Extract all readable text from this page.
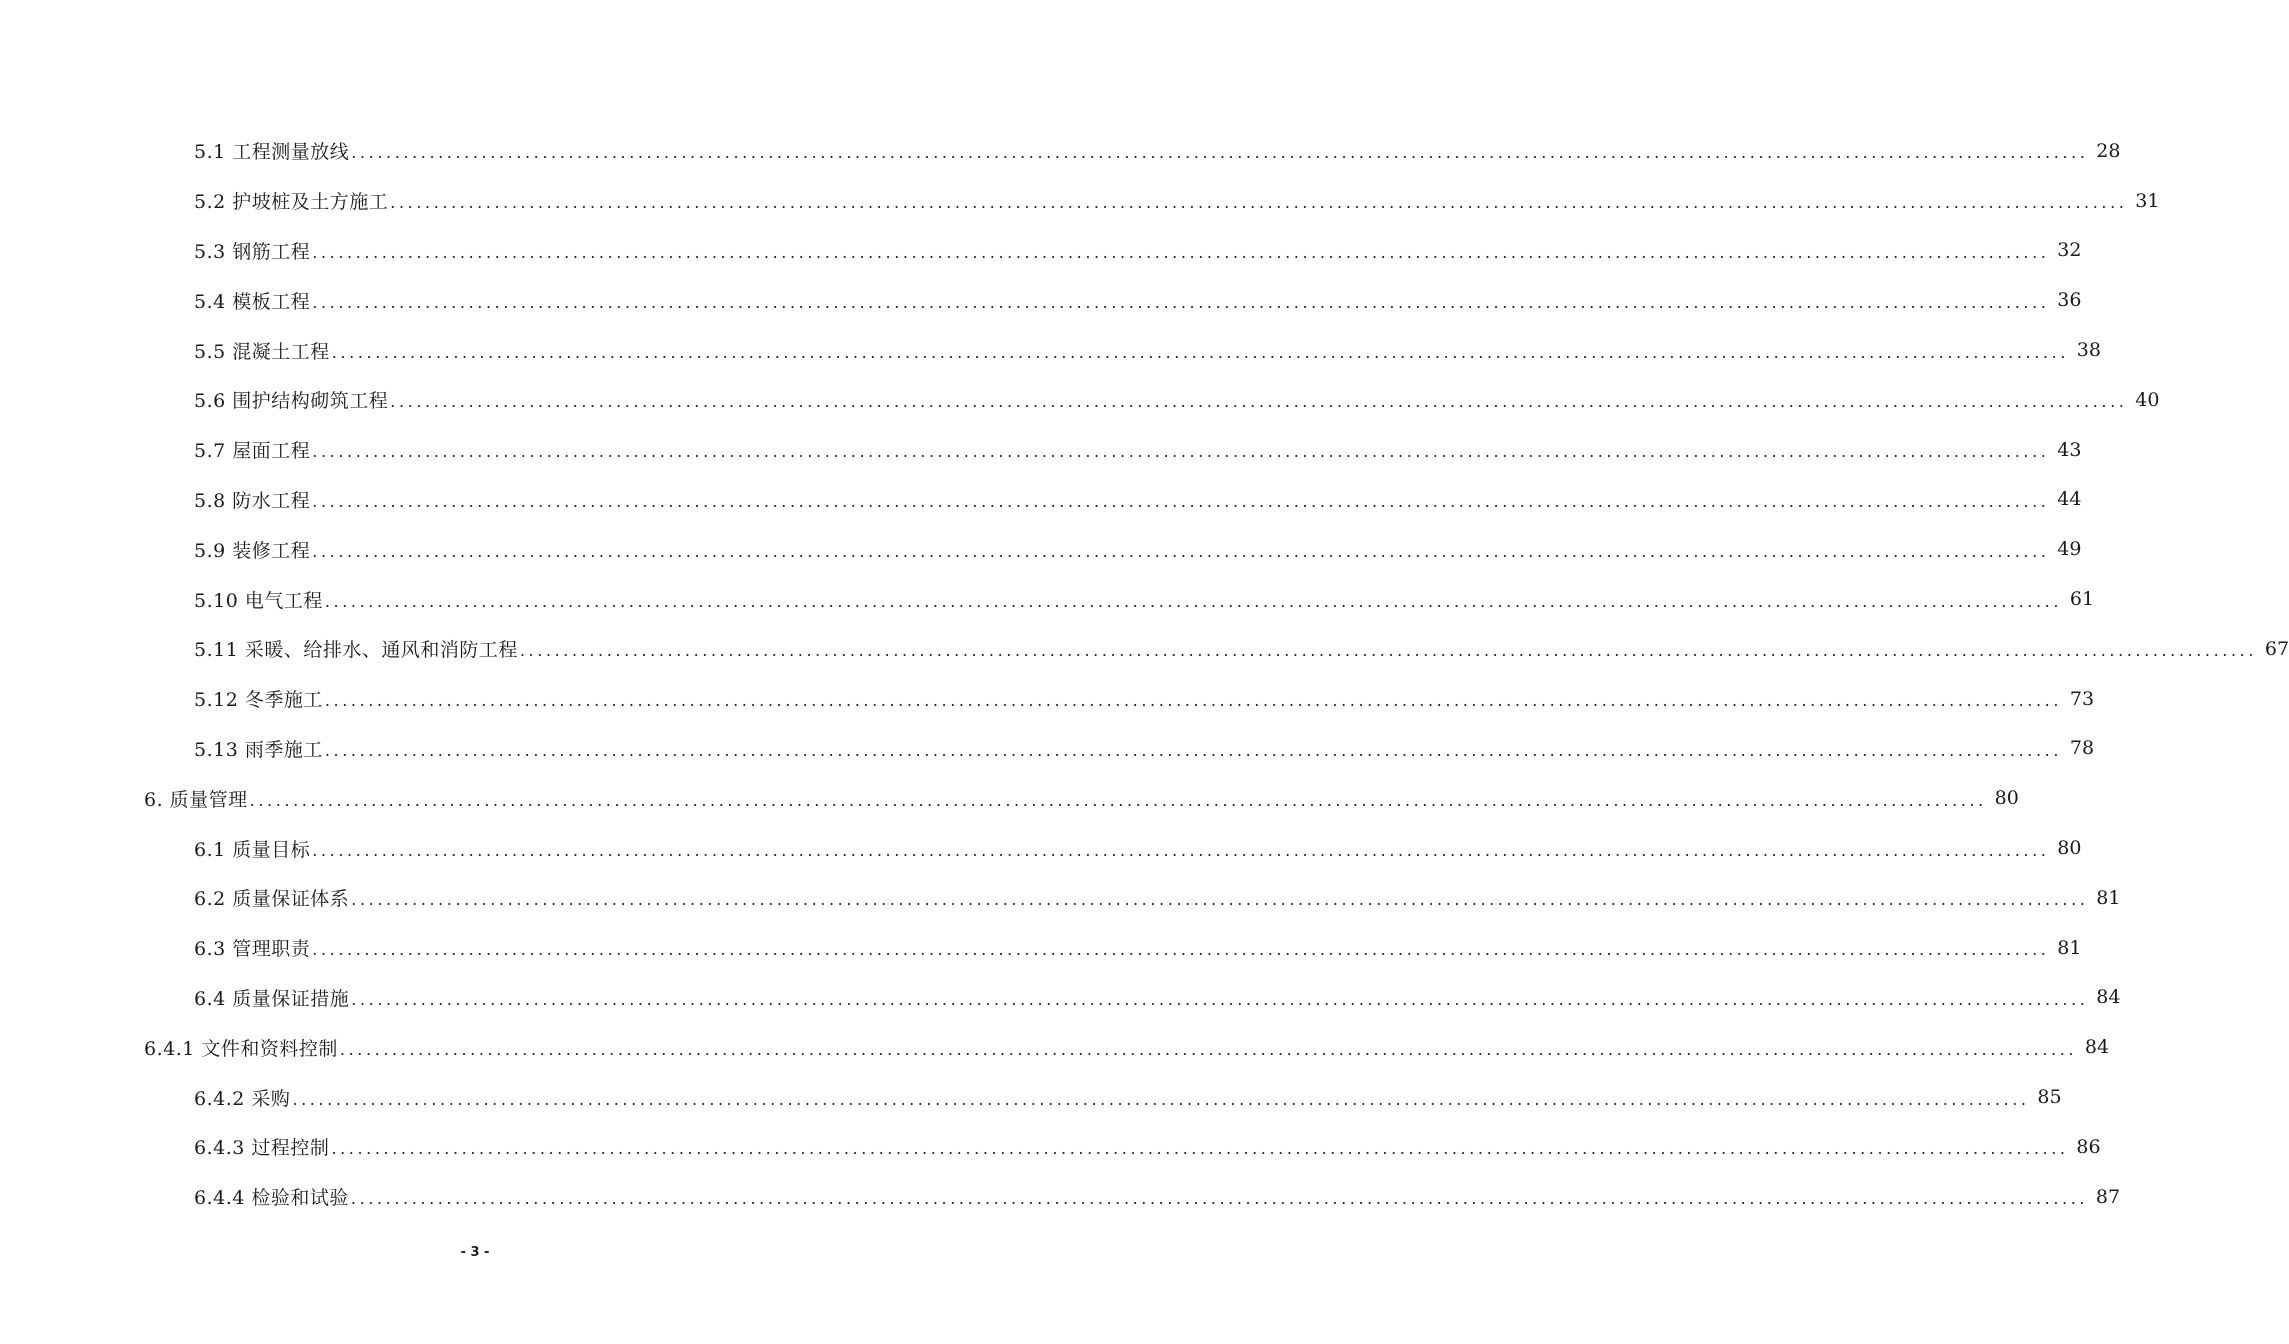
5.1 工程测量放线 ........................................................................................................................................................................................................ 28
5.2 护坡桩及土方施工 ........................................................................................................................................................................................................ 31
5.3 钢筋工程 ........................................................................................................................................................................................................ 32
5.4 模板工程 ........................................................................................................................................................................................................ 36
5.5 混凝土工程 ........................................................................................................................................................................................................ 38
5.6 围护结构砌筑工程 ........................................................................................................................................................................................................ 40
5.7 屋面工程 ........................................................................................................................................................................................................ 43
5.8 防水工程 ........................................................................................................................................................................................................ 44
5.9 装修工程 ........................................................................................................................................................................................................ 49
5.10 电气工程 ........................................................................................................................................................................................................ 61
5.11 采暖、给排水、通风和消防工程 ........................................................................................................................................................................................................ 67
5.12 冬季施工 ........................................................................................................................................................................................................ 73
5.13 雨季施工 ........................................................................................................................................................................................................ 78
6. 质量管理 ........................................................................................................................................................................................................ 80
6.1 质量目标 ........................................................................................................................................................................................................ 80
6.2 质量保证体系 ........................................................................................................................................................................................................ 81
6.3 管理职责 ........................................................................................................................................................................................................ 81
6.4 质量保证措施 ........................................................................................................................................................................................................ 84
6.4.1 文件和资料控制 ........................................................................................................................................................................................................ 84
6.4.2 采购 ........................................................................................................................................................................................................ 85
6.4.3 过程控制 ........................................................................................................................................................................................................ 86
6.4.4 检验和试验 ........................................................................................................................................................................................................ 87
- 3 -
